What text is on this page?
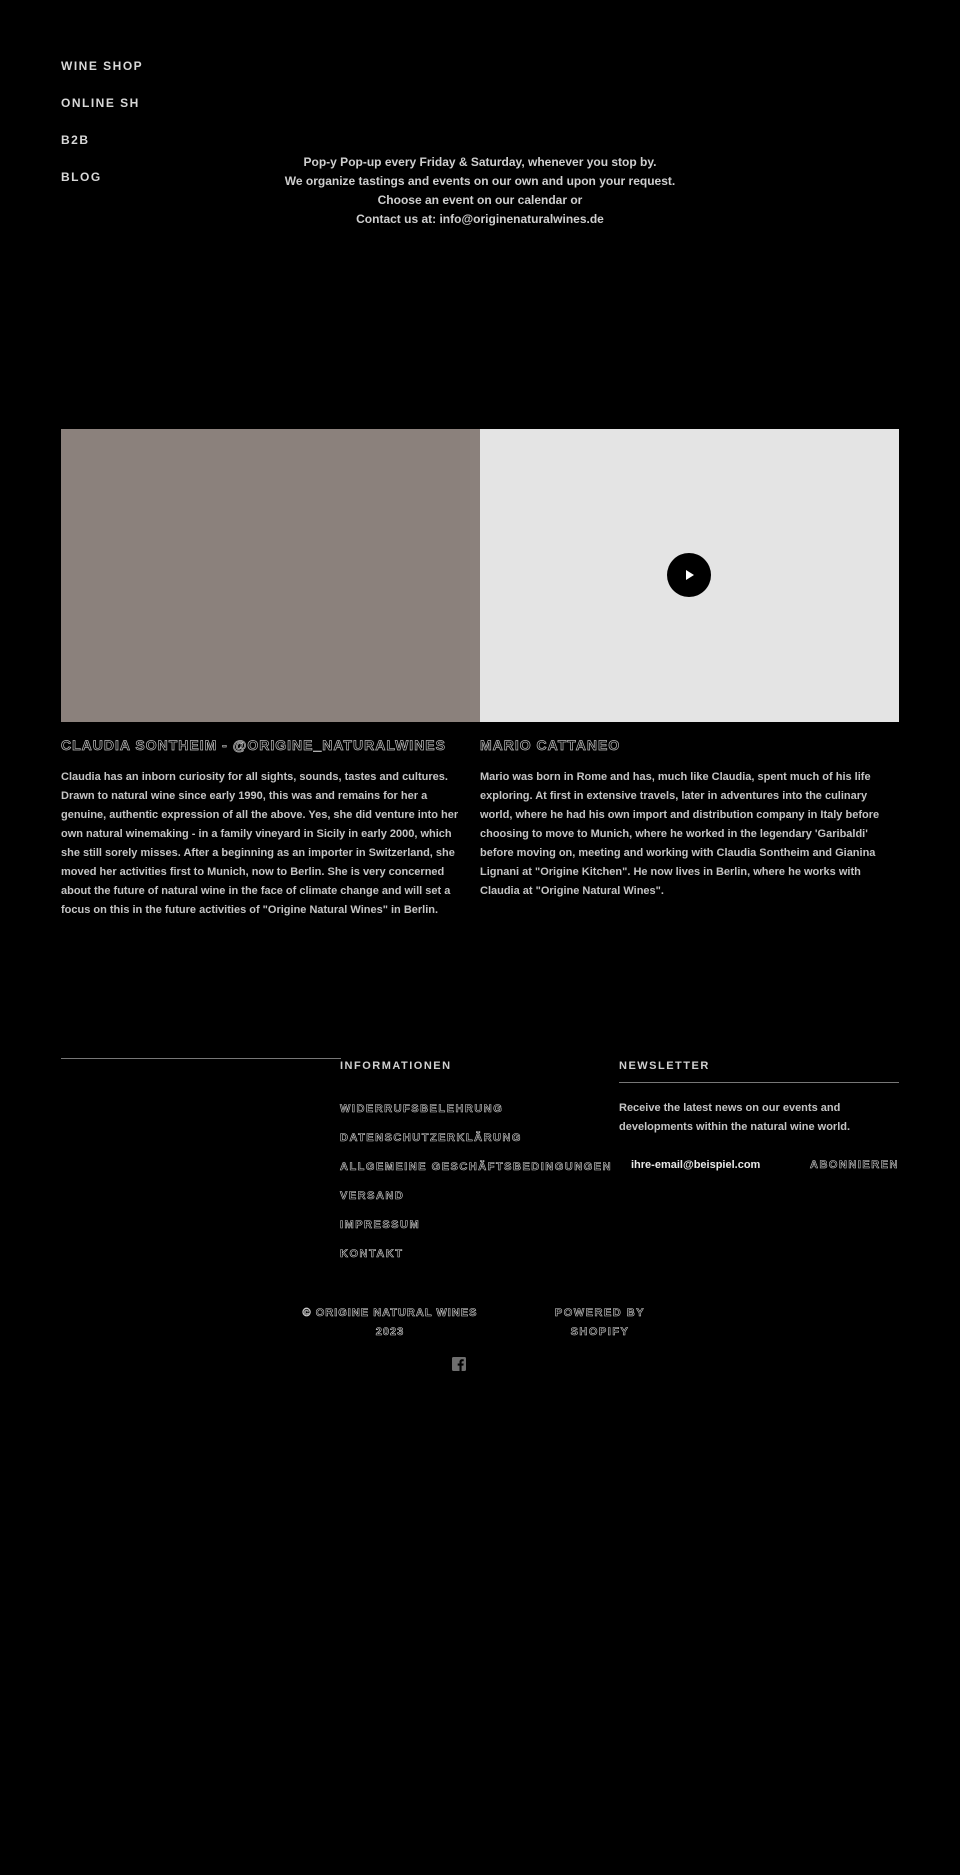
WINE SHOP
ONLINE SH
B2B
BLOG
Pop-y Pop-up every Friday & Saturday, whenever you stop by.
We organize tastings and events on our own and upon your request.
Choose an event on our calendar or
Contact us at: info@originenaturalwines.de
CLAUDIA SONTHEIM - @ORIGINE_NATURALWINES

Claudia has an inborn curiosity for all sights, sounds, tastes and cultures. Drawn to natural wine since early 1990, this was and remains for her a genuine, authentic expression of all the above. Yes, she did venture into her own natural winemaking - in a family vineyard in Sicily in early 2000, which she still sorely misses. After a beginning as an importer in Switzerland, she moved her activities first to Munich, now to Berlin. She is very concerned about the future of natural wine in the face of climate change and will set a focus on this in the future activities of "Origine Natural Wines" in Berlin.

MARIO CATTANEO

Mario was born in Rome and has, much like Claudia, spent much of his life exploring. At first in extensive travels, later in adventures into the culinary world, where he had his own import and distribution company in Italy before choosing to move to Munich, where he worked in the legendary 'Garibaldi' before moving on, meeting and working with Claudia Sontheim and Gianina Lignani at "Origine Kitchen". He now lives in Berlin, where he works with Claudia at "Origine Natural Wines".

INFORMATIONEN
WIDERRUFSBELEHRUNG
DATENSCHUTZERKLÄRUNG
ALLGEMEINE GESCHÄFTSBEDINGUNGEN
VERSAND
IMPRESSUM
KONTAKT
NEWSLETTER

Receive the latest news on our events and developments within the natural wine world.

ihre-email@beispiel.com
ABONNIEREN
© ORIGINE NATURAL WINES
2023
POWERED BY
SHOPIFY
